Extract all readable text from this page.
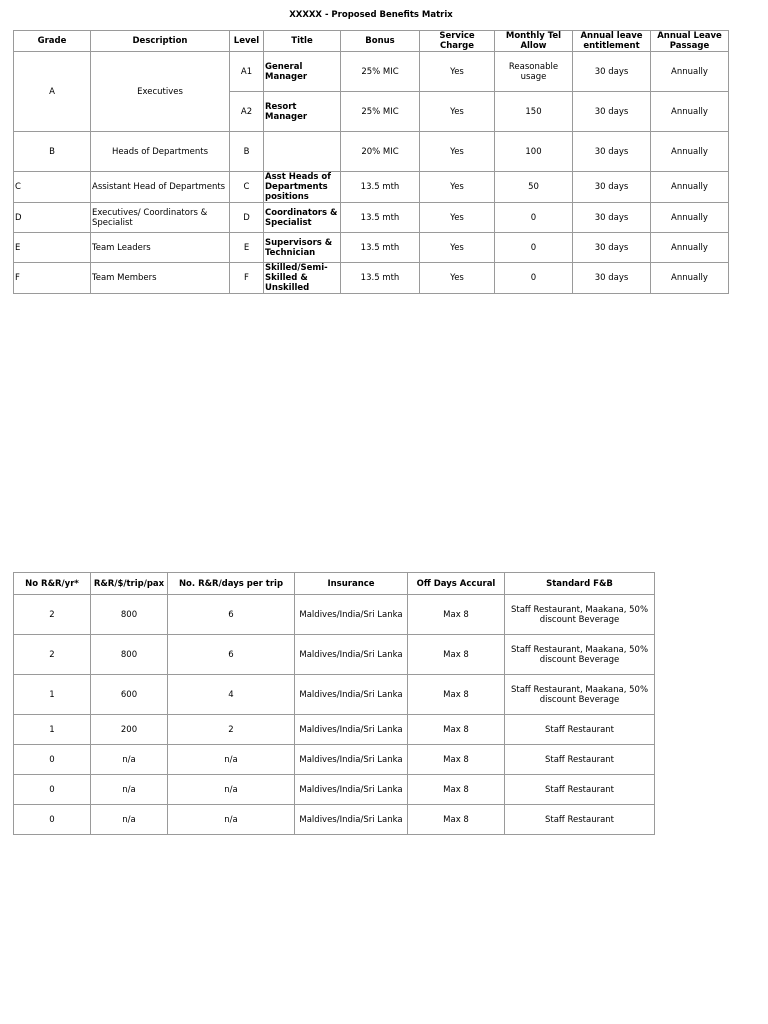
XXXXX - Proposed Benefits Matrix
Grade	Description	Level	Title	Bonus	Service Charge	Monthly Tel Allow	Annual leave entitlement	Annual Leave Passage
A	Executives	A1	General Manager	25% MIC	Yes	Reasonable usage	30 days	Annually
		A2	Resort Manager	25% MIC	Yes	150	30 days	Annually
B	Heads of Departments	B		20% MIC	Yes	100	30 days	Annually
C	Assistant Head of Departments	C	Asst Heads of Departments positions	13.5 mth	Yes	50	30 days	Annually
D	Executives/ Coordinators & Specialist	D	Coordinators & Specialist	13.5 mth	Yes	0	30 days	Annually
E	Team Leaders	E	Supervisors & Technician	13.5 mth	Yes	0	30 days	Annually
F	Team Members	F	Skilled/Semi-Skilled & Unskilled	13.5 mth	Yes	0	30 days	Annually
No R&R/yr*	R&R/$/trip/pax	No. R&R/days per trip	Insurance	Off Days Accural	Standard F&B
2	800	6	Maldives/India/Sri Lanka	Max 8	Staff Restaurant, Maakana, 50% discount Beverage
2	800	6	Maldives/India/Sri Lanka	Max 8	Staff Restaurant, Maakana, 50% discount Beverage
1	600	4	Maldives/India/Sri Lanka	Max 8	Staff Restaurant, Maakana, 50% discount Beverage
1	200	2	Maldives/India/Sri Lanka	Max 8	Staff Restaurant
0	n/a	n/a	Maldives/India/Sri Lanka	Max 8	Staff Restaurant
0	n/a	n/a	Maldives/India/Sri Lanka	Max 8	Staff Restaurant
0	n/a	n/a	Maldives/India/Sri Lanka	Max 8	Staff Restaurant
